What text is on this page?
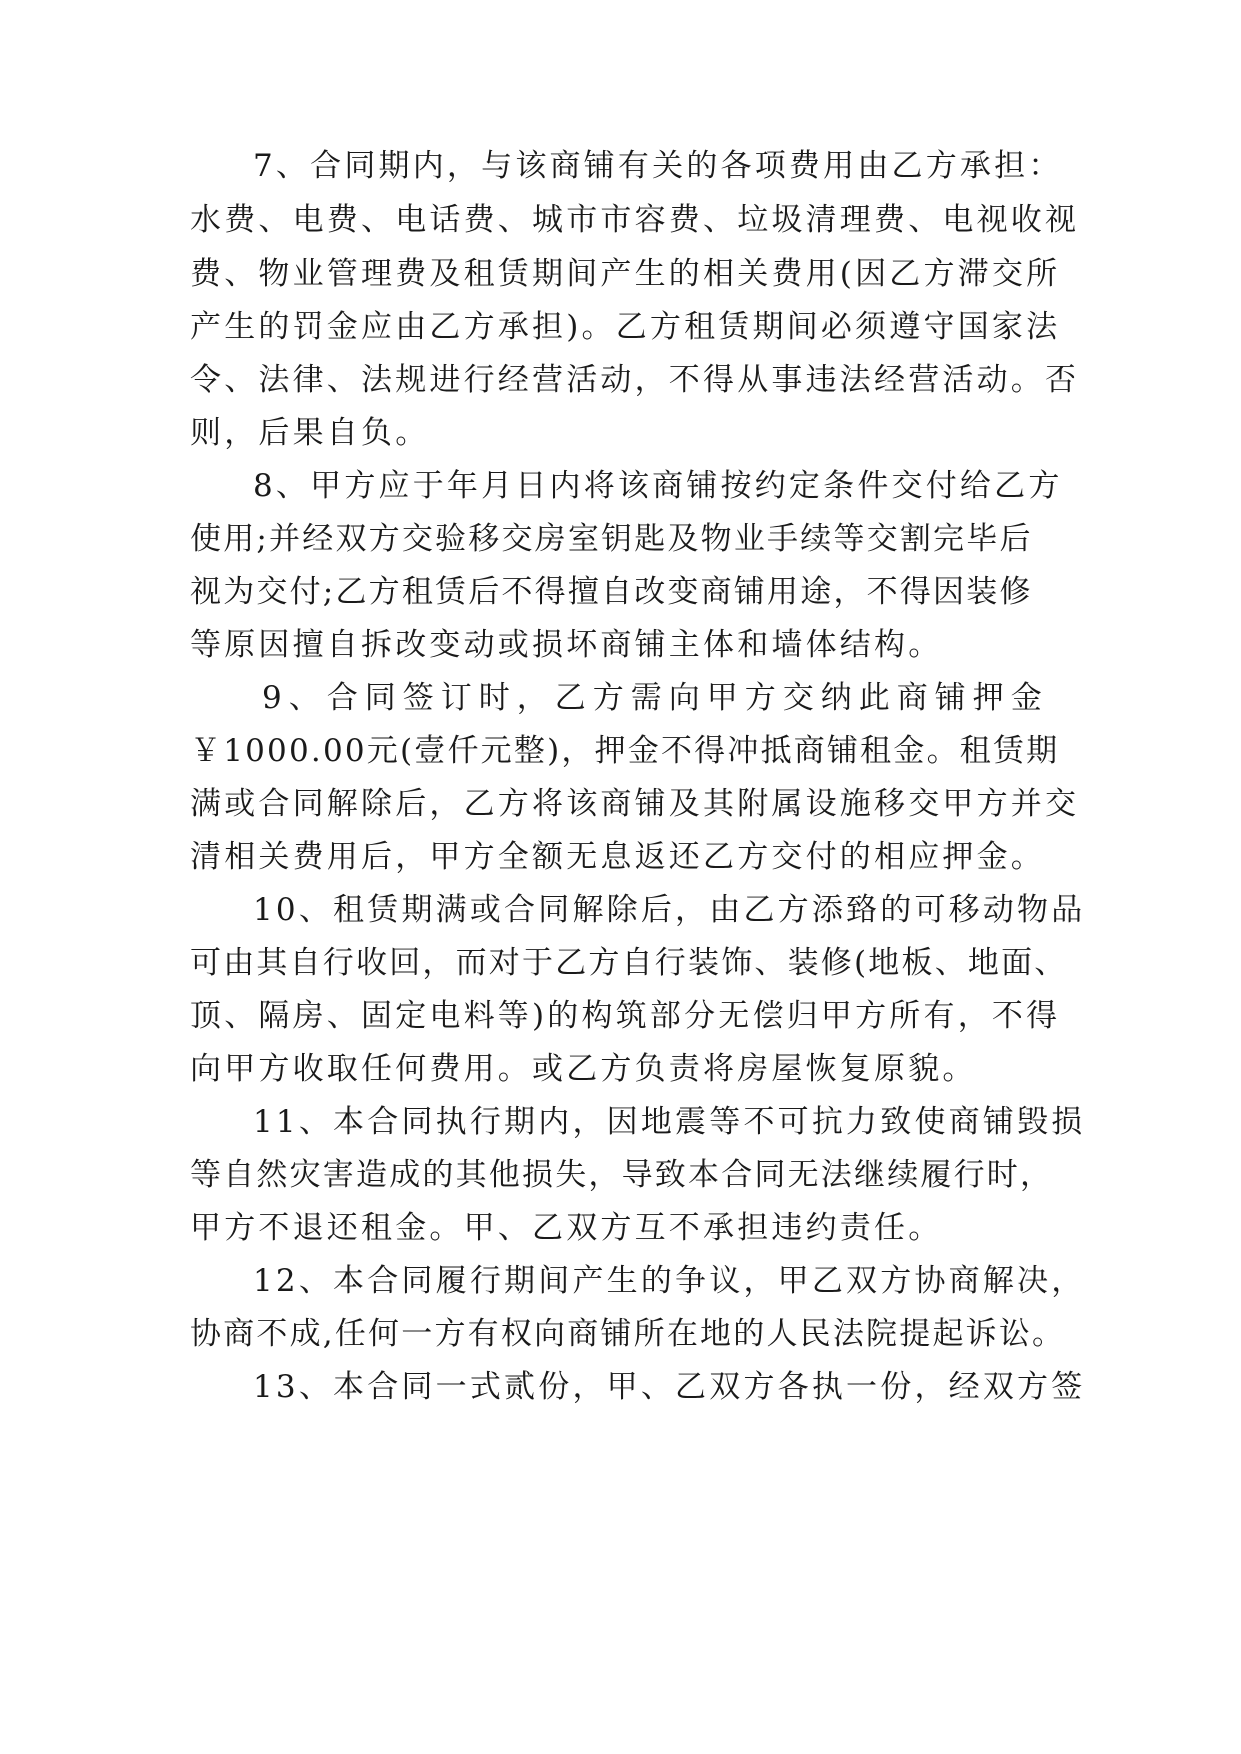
7、合同期内，与该商铺有关的各项费用由乙方承担：
水费、电费、电话费、城市市容费、垃圾清理费、电视收视
费、物业管理费及租赁期间产生的相关费用(因乙方滞交所
产生的罚金应由乙方承担)。乙方租赁期间必须遵守国家法
令、法律、法规进行经营活动，不得从事违法经营活动。否
则，后果自负。
8、甲方应于年月日内将该商铺按约定条件交付给乙方
使用;并经双方交验移交房室钥匙及物业手续等交割完毕后
视为交付;乙方租赁后不得擅自改变商铺用途，不得因装修
等原因擅自拆改变动或损坏商铺主体和墙体结构。
9、合同签订时，乙方需向甲方交纳此商铺押金
￥1000.00元(壹仟元整)，押金不得冲抵商铺租金。租赁期
满或合同解除后，乙方将该商铺及其附属设施移交甲方并交
清相关费用后，甲方全额无息返还乙方交付的相应押金。
10、租赁期满或合同解除后，由乙方添臵的可移动物品
可由其自行收回，而对于乙方自行装饰、装修(地板、地面、
顶、隔房、固定电料等)的构筑部分无偿归甲方所有，不得
向甲方收取任何费用。或乙方负责将房屋恢复原貌。
11、本合同执行期内，因地震等不可抗力致使商铺毁损
等自然灾害造成的其他损失，导致本合同无法继续履行时，
甲方不退还租金。甲、乙双方互不承担违约责任。
12、本合同履行期间产生的争议，甲乙双方协商解决，
协商不成,任何一方有权向商铺所在地的人民法院提起诉讼。
13、本合同一式贰份，甲、乙双方各执一份，经双方签
